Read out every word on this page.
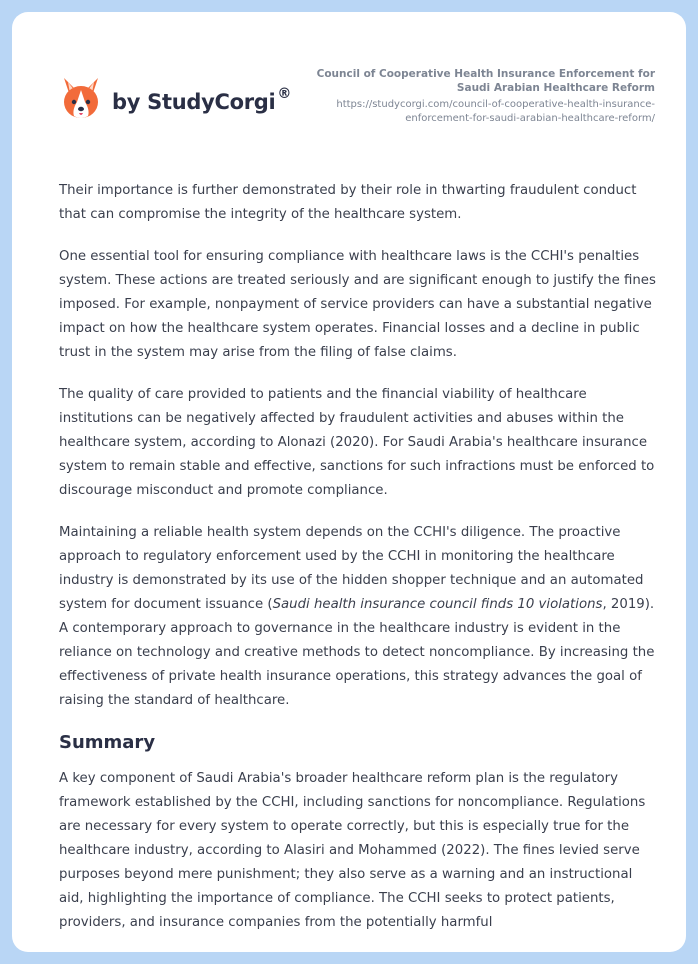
by StudyCorgi ®
Council of Cooperative Health Insurance Enforcement for Saudi Arabian Healthcare Reform
https://studycorgi.com/council-of-cooperative-health-insurance-enforcement-for-saudi-arabian-healthcare-reform/

Their importance is further demonstrated by their role in thwarting fraudulent conduct that can compromise the integrity of the healthcare system.

One essential tool for ensuring compliance with healthcare laws is the CCHI's penalties system. These actions are treated seriously and are significant enough to justify the fines imposed. For example, nonpayment of service providers can have a substantial negative impact on how the healthcare system operates. Financial losses and a decline in public trust in the system may arise from the filing of false claims.

The quality of care provided to patients and the financial viability of healthcare institutions can be negatively affected by fraudulent activities and abuses within the healthcare system, according to Alonazi (2020). For Saudi Arabia's healthcare insurance system to remain stable and effective, sanctions for such infractions must be enforced to discourage misconduct and promote compliance.

Maintaining a reliable health system depends on the CCHI's diligence. The proactive approach to regulatory enforcement used by the CCHI in monitoring the healthcare industry is demonstrated by its use of the hidden shopper technique and an automated system for document issuance (Saudi health insurance council finds 10 violations, 2019). A contemporary approach to governance in the healthcare industry is evident in the reliance on technology and creative methods to detect noncompliance. By increasing the effectiveness of private health insurance operations, this strategy advances the goal of raising the standard of healthcare.

Summary

A key component of Saudi Arabia's broader healthcare reform plan is the regulatory framework established by the CCHI, including sanctions for noncompliance. Regulations are necessary for every system to operate correctly, but this is especially true for the healthcare industry, according to Alasiri and Mohammed (2022). The fines levied serve purposes beyond mere punishment; they also serve as a warning and an instructional aid, highlighting the importance of compliance. The CCHI seeks to protect patients, providers, and insurance companies from the potentially harmful
